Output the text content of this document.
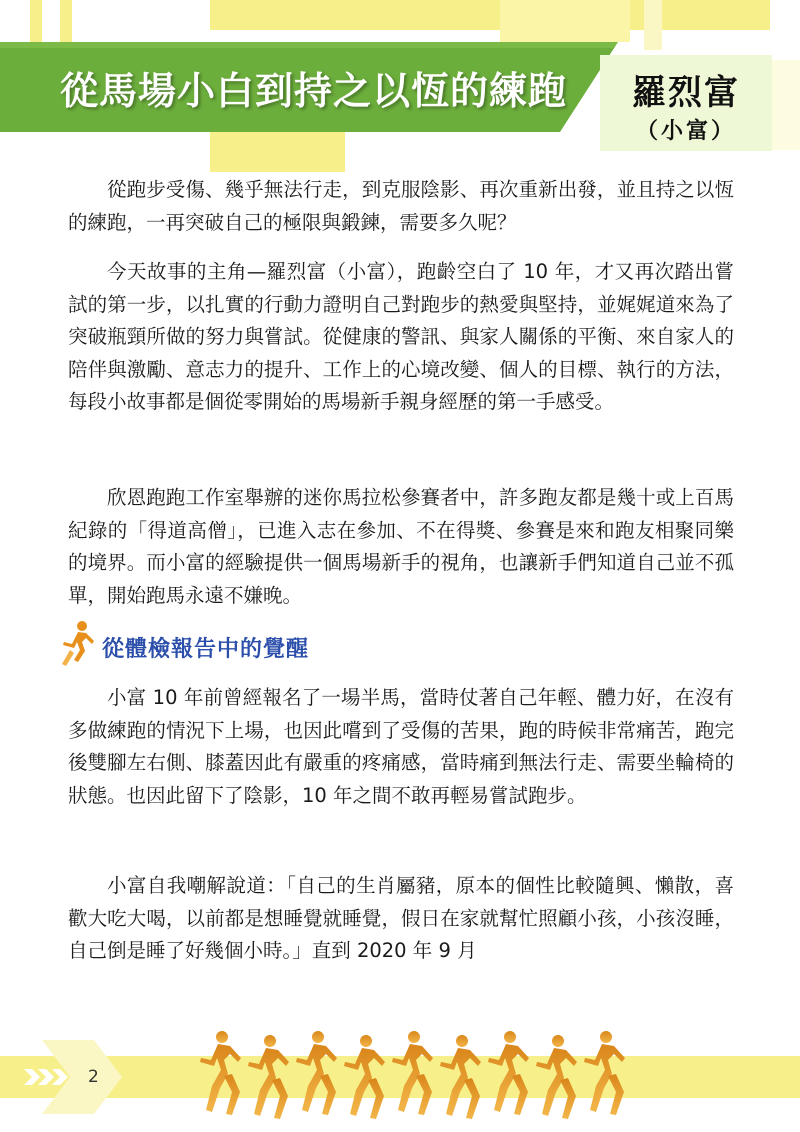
從馬場小白到持之以恆的練跑	羅烈富
（小富）

從跑步受傷、幾乎無法行走，到克服陰影、再次重新出發，並且持之以恆的練跑，一再突破自己的極限與鍛鍊，需要多久呢？

今天故事的主角—羅烈富（小富），跑齡空白了 10 年，才又再次踏出嘗試的第一步，以扎實的行動力證明自己對跑步的熱愛與堅持，並娓娓道來為了突破瓶頸所做的努力與嘗試。從健康的警訊、與家人關係的平衡、來自家人的陪伴與激勵、意志力的提升、工作上的心境改變、個人的目標、執行的方法，每段小故事都是個從零開始的馬場新手親身經歷的第一手感受。

欣恩跑跑工作室舉辦的迷你馬拉松參賽者中，許多跑友都是幾十或上百馬紀錄的「得道高僧」，已進入志在參加、不在得獎、參賽是來和跑友相聚同樂的境界。而小富的經驗提供一個馬場新手的視角，也讓新手們知道自己並不孤單，開始跑馬永遠不嫌晚。

從體檢報告中的覺醒

小富 10 年前曾經報名了一場半馬，當時仗著自己年輕、體力好，在沒有多做練跑的情況下上場，也因此嚐到了受傷的苦果，跑的時候非常痛苦，跑完後雙腳左右側、膝蓋因此有嚴重的疼痛感，當時痛到無法行走、需要坐輪椅的狀態。也因此留下了陰影，10 年之間不敢再輕易嘗試跑步。

小富自我嘲解說道：「自己的生肖屬豬，原本的個性比較隨興、懶散，喜歡大吃大喝，以前都是想睡覺就睡覺，假日在家就幫忙照顧小孩，小孩沒睡，自己倒是睡了好幾個小時。」直到 2020 年 9 月

2
